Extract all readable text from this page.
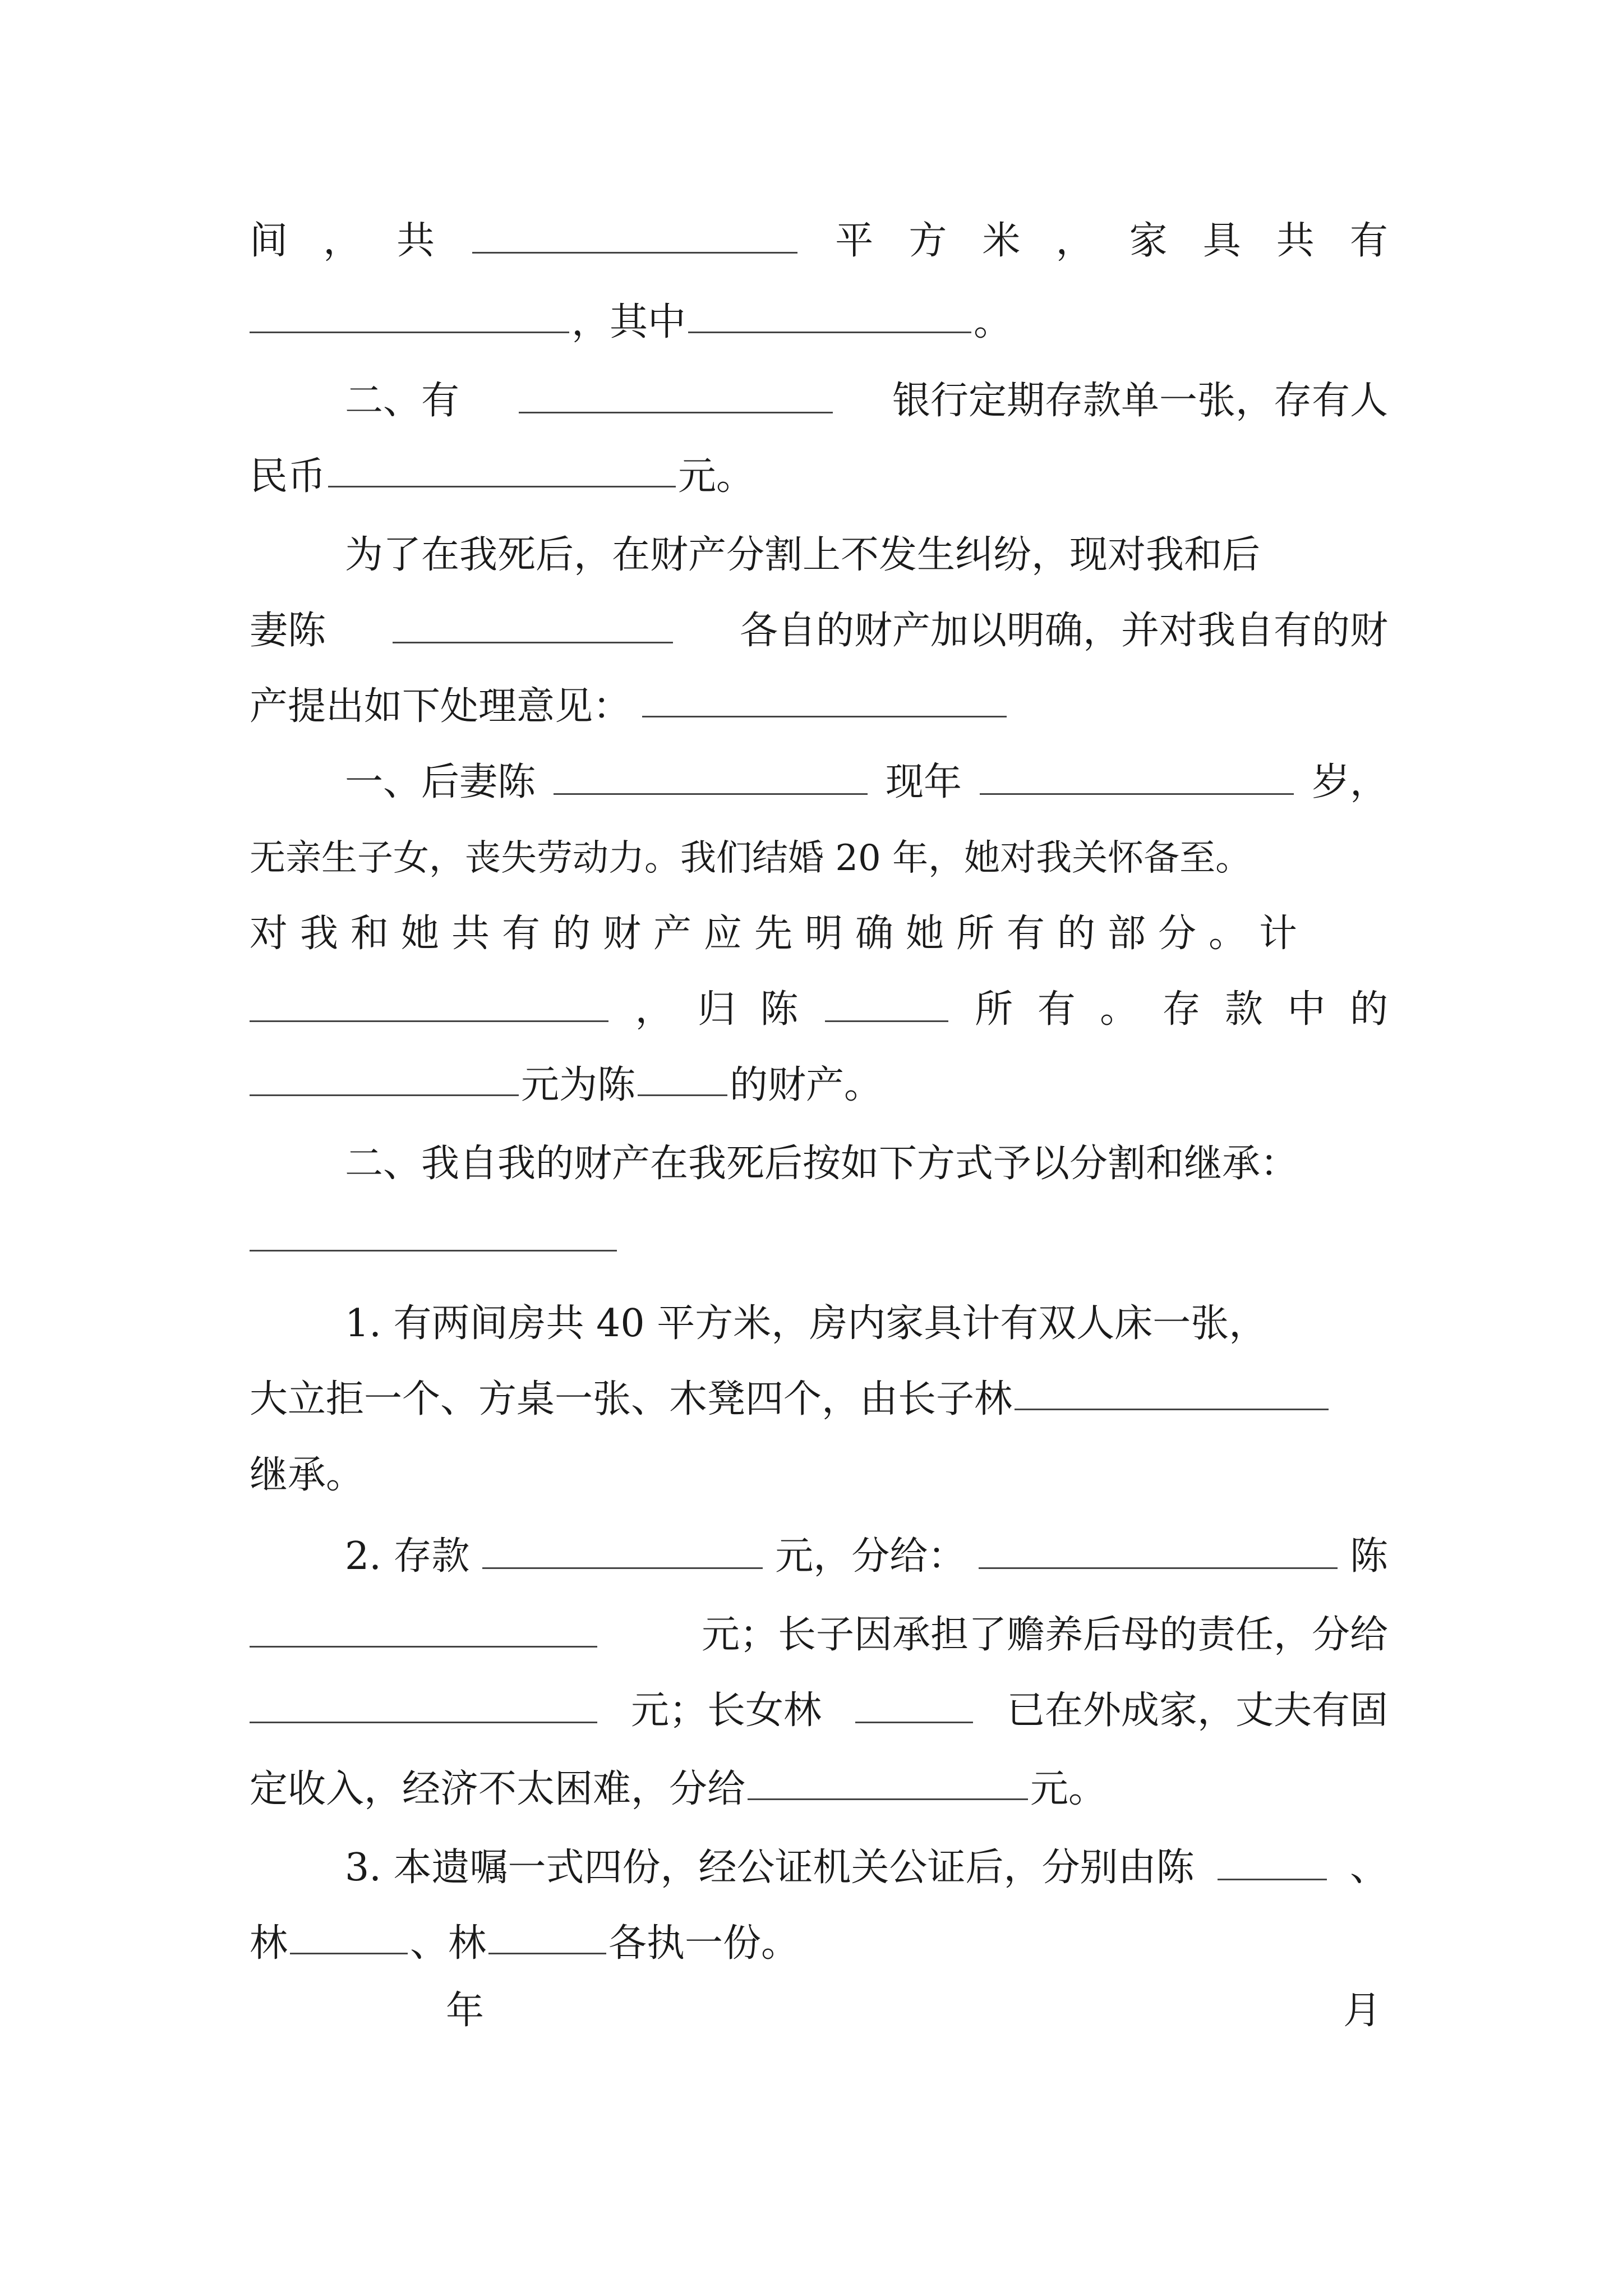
间 ， 共	平 方 米 ， 家 具 共 有
，其中	。
二、有	银行定期存款单一张，存有人
民币	元。
为了在我死后，在财产分割上不发生纠纷，现对我和后
妻陈	各自的财产加以明确，并对我自有的财
产提出如下处理意见：
一、后妻陈	现年	岁，
无亲生子女，丧失劳动力。我们结婚 20 年，她对我关怀备至。
对我和她共有的财产应先明确她所有的部分。计
， 归 陈	所 有 。 存 款 中 的
元为陈 的财产。
二、我自我的财产在我死后按如下方式予以分割和继承：
1. 有两间房共 40 平方米，房内家具计有双人床一张，
大立拒一个、方桌一张、木凳四个，由长子林
继承。
2. 存款	元，分给：	陈
元；长子因承担了赡养后母的责任，分给
元；长女林	已在外成家，丈夫有固
定收入，经济不太困难，分给	元。
3. 本遗嘱一式四份，经公证机关公证后，分别由陈	、
林	、林	各执一份。
年	月
